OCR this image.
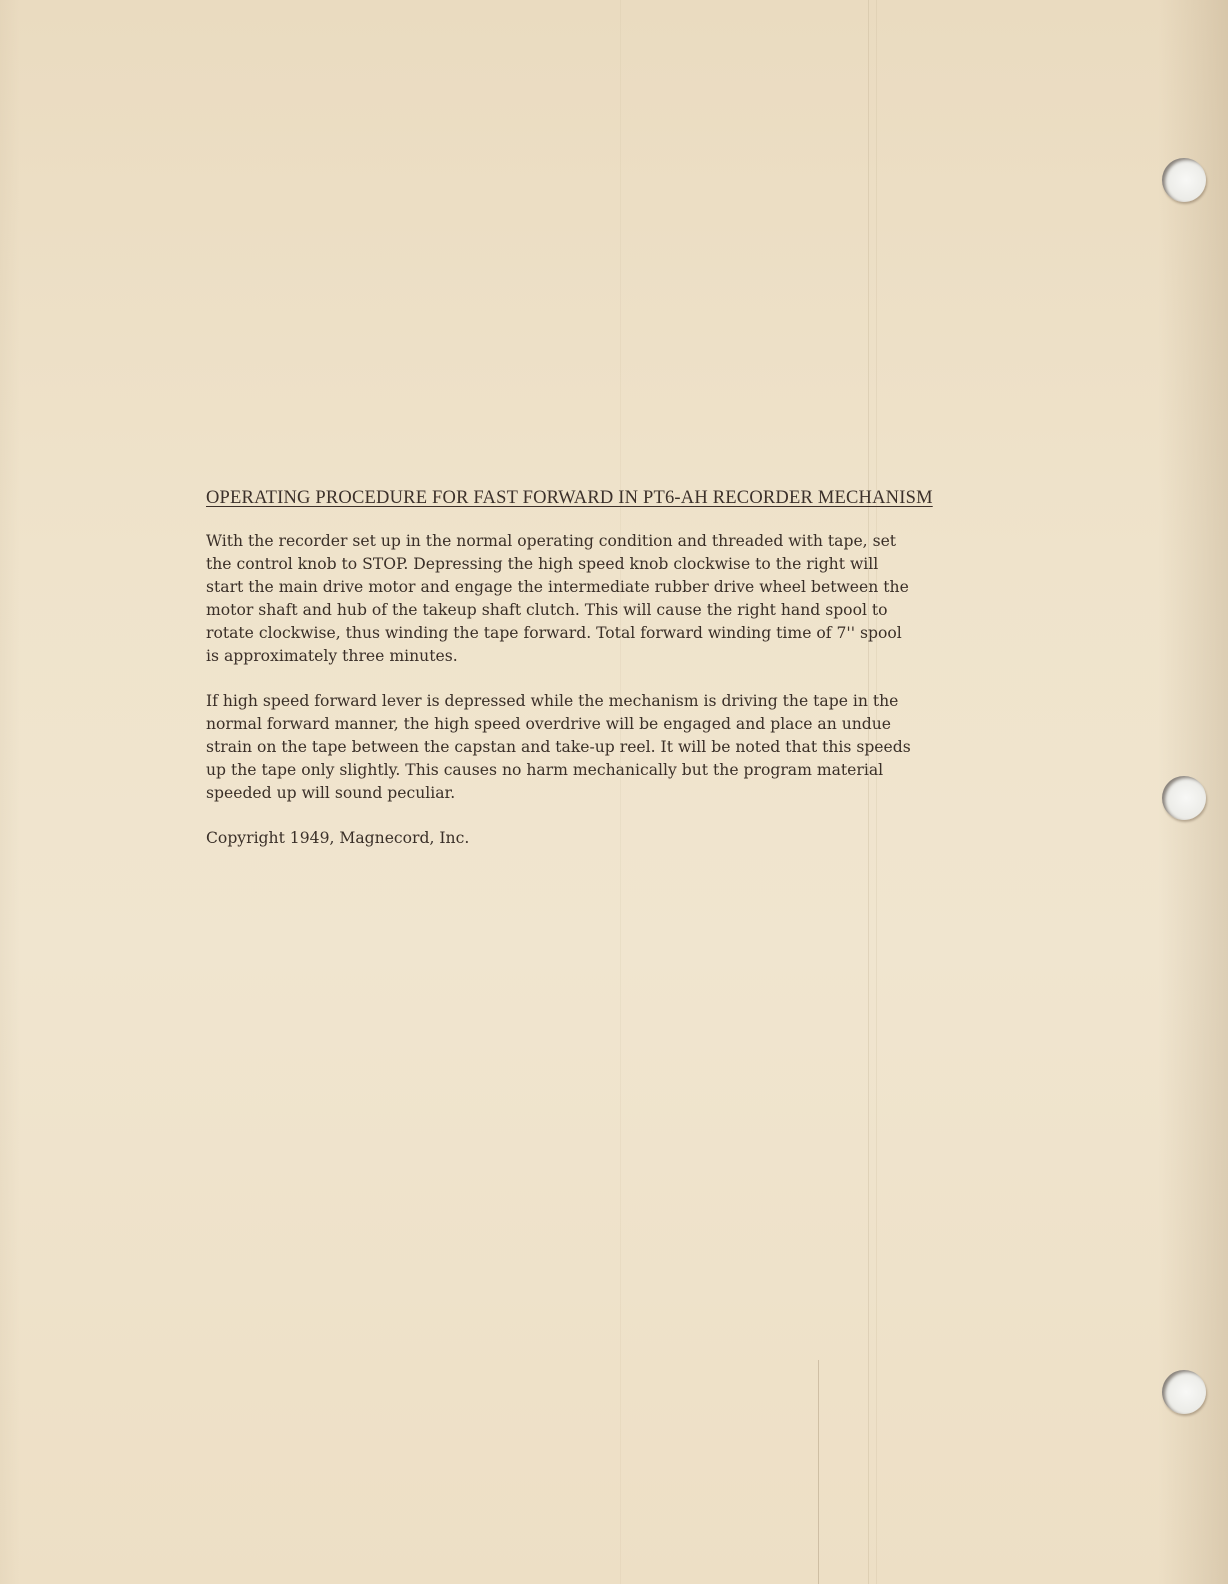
OPERATING PROCEDURE FOR FAST FORWARD IN PT6-AH RECORDER MECHANISM
With the recorder set up in the normal operating condition and threaded with tape, set
the control knob to STOP. Depressing the high speed knob clockwise to the right will
start the main drive motor and engage the intermediate rubber drive wheel between the
motor shaft and hub of the takeup shaft clutch. This will cause the right hand spool to
rotate clockwise, thus winding the tape forward. Total forward winding time of 7'' spool
is approximately three minutes.
If high speed forward lever is depressed while the mechanism is driving the tape in the
normal forward manner, the high speed overdrive will be engaged and place an undue
strain on the tape between the capstan and take-up reel. It will be noted that this speeds
up the tape only slightly. This causes no harm mechanically but the program material
speeded up will sound peculiar.
Copyright 1949, Magnecord, Inc.
